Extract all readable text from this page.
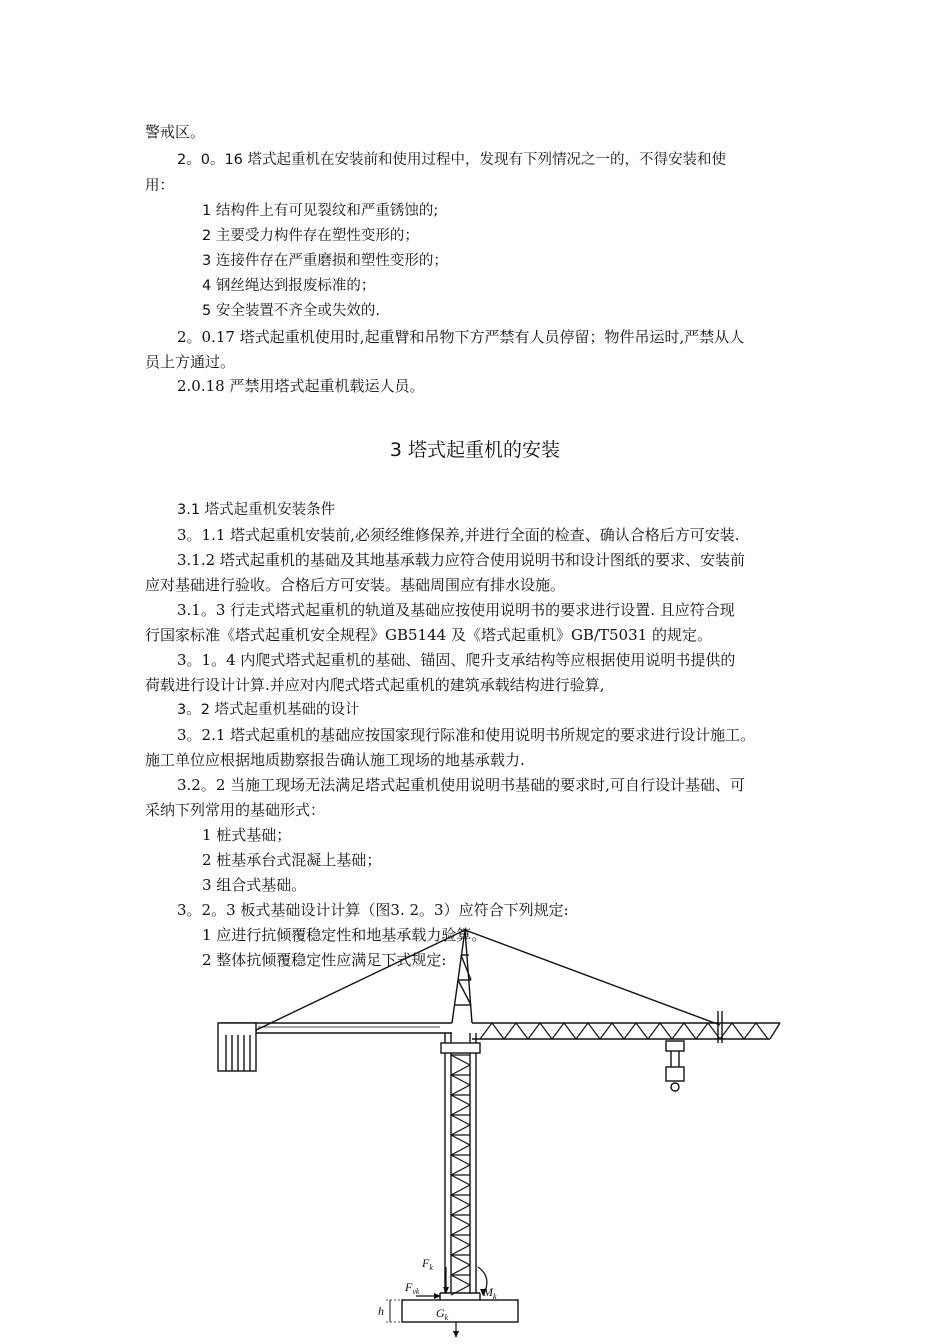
警戒区。
2。0。16 塔式起重机在安装前和使用过程中，发现有下列情况之一的，不得安装和使
用：
1 结构件上有可见裂纹和严重锈蚀的;
2 主要受力构件存在塑性变形的；
3 连接件存在严重磨损和塑性变形的；
4 钢丝绳达到报废标准的；
5 安全装置不齐全或失效的.
2。0.17 塔式起重机使用时,起重臂和吊物下方严禁有人员停留；物件吊运时,严禁从人
员上方通过。
2.0.18 严禁用塔式起重机载运人员。
3 塔式起重机的安装
3.1 塔式起重机安装条件
3。1.1 塔式起重机安装前,必须经维修保养,并进行全面的检查、确认合格后方可安装.
3.1.2 塔式起重机的基础及其地基承载力应符合使用说明书和设计图纸的要求、安装前
应对基础进行验收。合格后方可安装。基础周围应有排水设施。
3.1。3 行走式塔式起重机的轨道及基础应按使用说明书的要求进行设置. 且应符合现
行国家标准《塔式起重机安全规程》GB5144 及《塔式起重机》GB/T5031 的规定。
3。1。4 内爬式塔式起重机的基础、锚固、爬升支承结构等应根据使用说明书提供的
荷载进行设计计算.并应对内爬式塔式起重机的建筑承载结构进行验算,
3。2 塔式起重机基础的设计
3。2.1 塔式起重机的基础应按国家现行际准和使用说明书所规定的要求进行设计施工。
施工单位应根据地质勘察报告确认施工现场的地基承载力.
3.2。2 当施工现场无法满足塔式起重机使用说明书基础的要求时,可自行设计基础、可
采纳下列常用的基础形式：
1 桩式基础；
2 桩基承台式混凝上基础；
3 组合式基础。
3。2。3 板式基础设计计算（图3. 2。3）应符合下列规定:
1 应进行抗倾覆稳定性和地基承载力验算。
2 整体抗倾覆稳定性应满足下式规定:
$F_k$
$F_{vk}$	$M_k$
$G_k$
h
